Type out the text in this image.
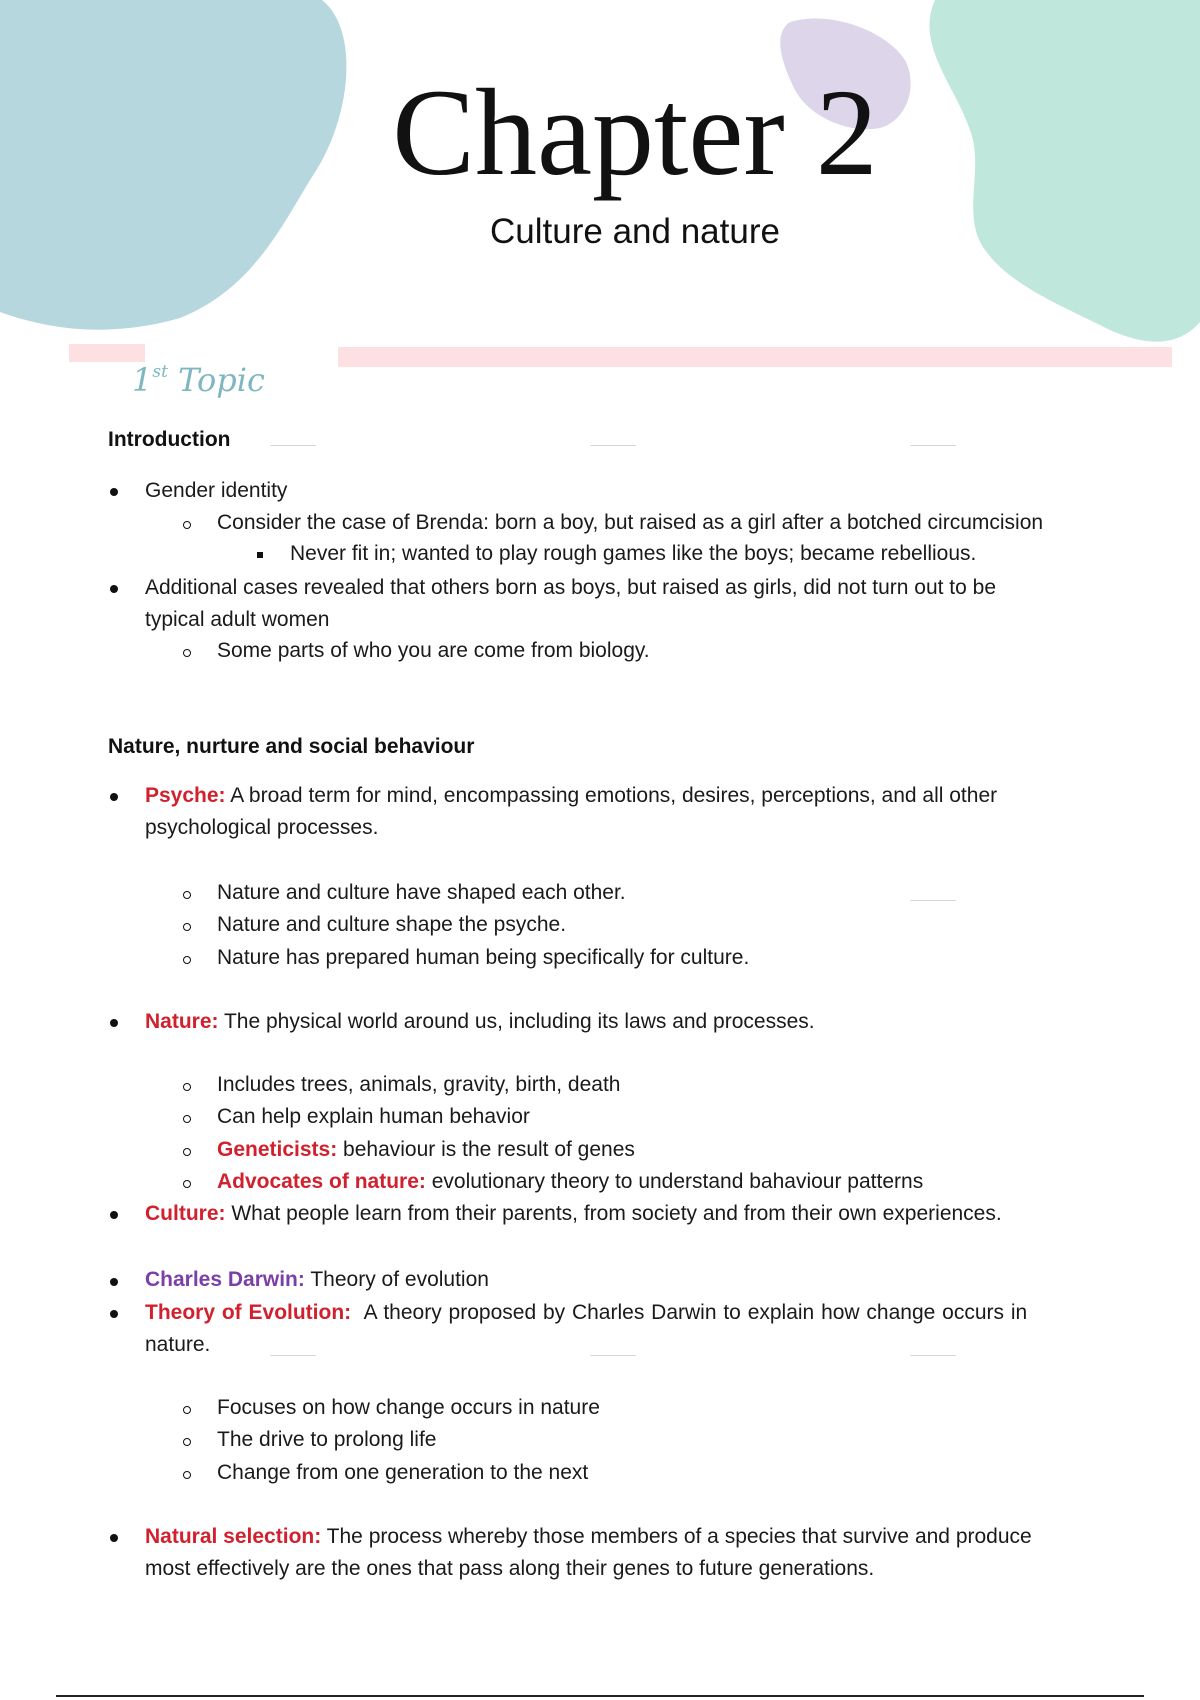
Chapter 2
Culture and nature
1st Topic
Introduction
Gender identity
Consider the case of Brenda: born a boy, but raised as a girl after a botched circumcision
Never fit in; wanted to play rough games like the boys; became rebellious.
Additional cases revealed that others born as boys, but raised as girls, did not turn out to be
typical adult women
Some parts of who you are come from biology.
Nature, nurture and social behaviour
Psyche: A broad term for mind, encompassing emotions, desires, perceptions, and all other
psychological processes.
Nature and culture have shaped each other.
Nature and culture shape the psyche.
Nature has prepared human being specifically for culture.
Nature: The physical world around us, including its laws and processes.
Includes trees, animals, gravity, birth, death
Can help explain human behavior
Geneticists: behaviour is the result of genes
Advocates of nature: evolutionary theory to understand bahaviour patterns
Culture: What people learn from their parents, from society and from their own experiences.
Charles Darwin: Theory of evolution
Theory of Evolution:  A theory proposed by Charles Darwin to explain how change occurs in
nature.
Focuses on how change occurs in nature
The drive to prolong life
Change from one generation to the next
Natural selection: The process whereby those members of a species that survive and produce
most effectively are the ones that pass along their genes to future generations.
